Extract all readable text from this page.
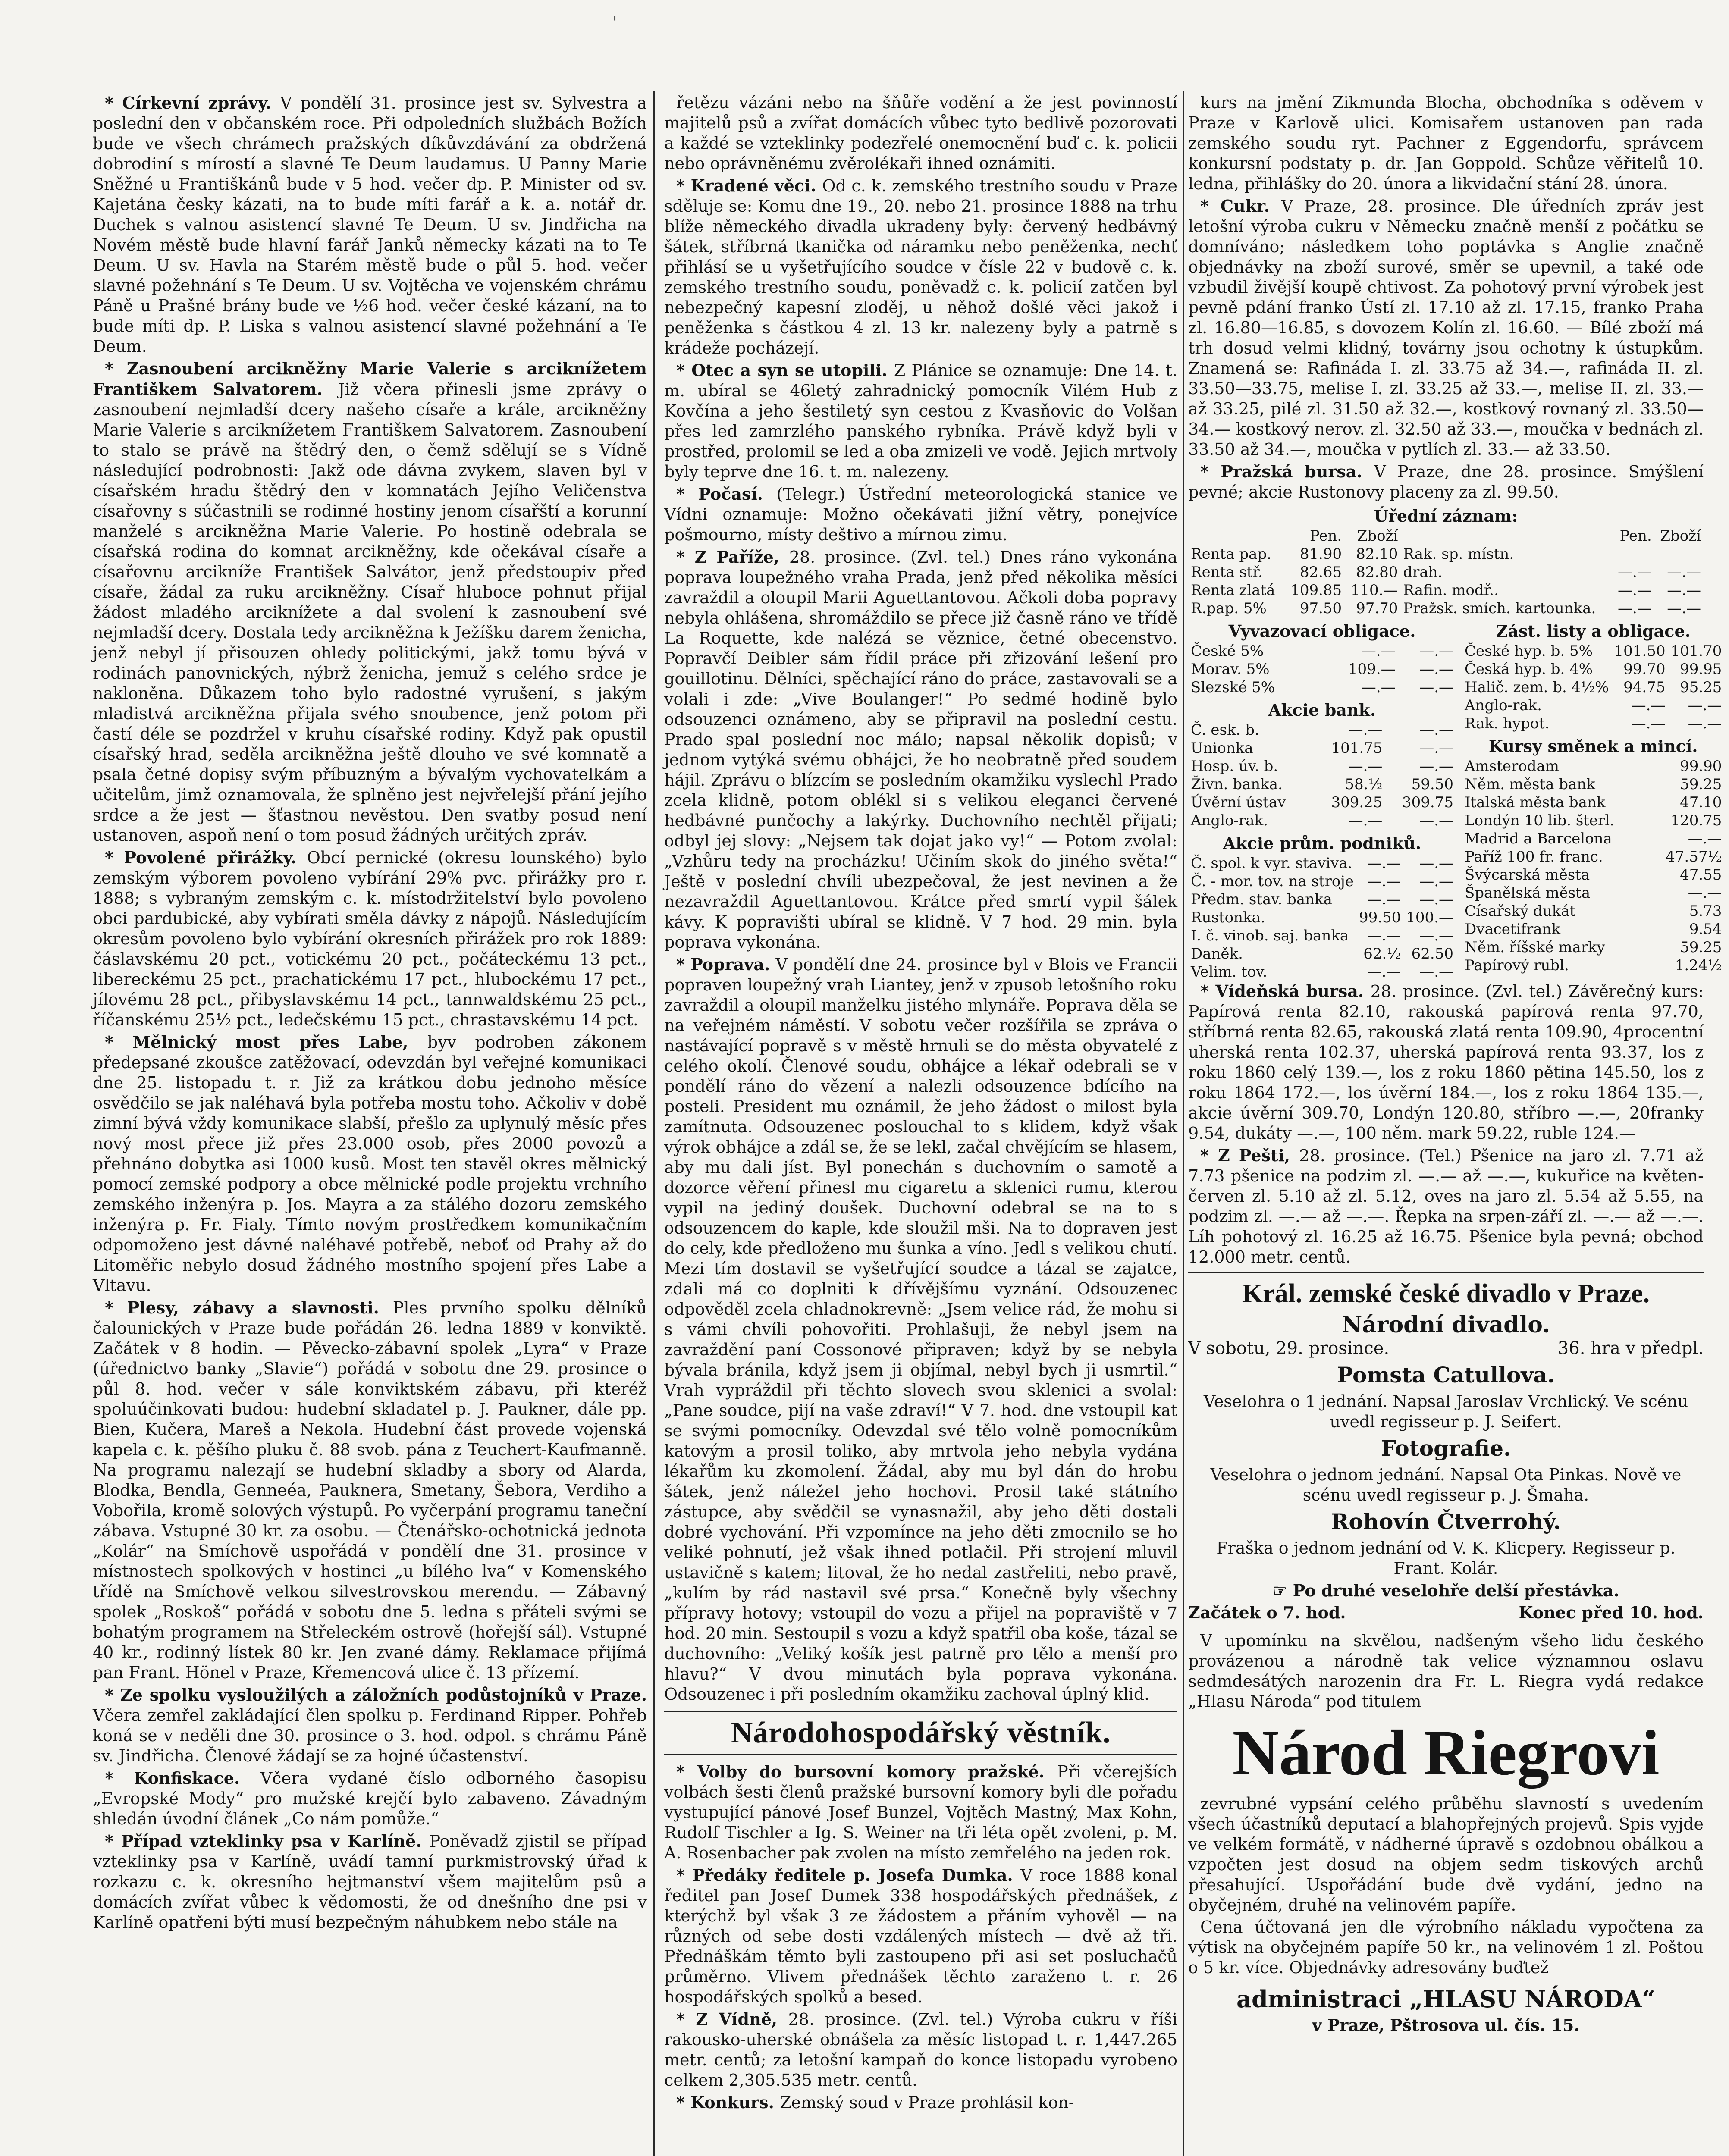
'

* Církevní zprávy. V pondělí 31. prosince jest sv. Sylvestra a poslední den v občanském roce. Při odpoledních službách Božích bude ve všech chrámech pražských díkůvzdávání za obdržená dobrodiní s mírostí a slavné Te Deum laudamus. U Panny Marie Sněžné u Františkánů bude v 5 hod. večer dp. P. Minister od sv. Kajetána česky kázati, na to bude míti farář a k. a. notář dr. Duchek s valnou asistencí slavné Te Deum. U sv. Jindřicha na Novém městě bude hlavní farář Janků německy kázati na to Te Deum. U sv. Havla na Starém městě bude o půl 5. hod. večer slavné požehnání s Te Deum. U sv. Vojtěcha ve vojenském chrámu Páně u Prašné brány bude ve ½6 hod. večer české kázaní, na to bude míti dp. P. Liska s valnou asistencí slavné požehnání a Te Deum.

* Zasnoubení arcikněžny Marie Valerie s arciknížetem Františkem Salvatorem. Již včera přinesli jsme zprávy o zasnoubení nejmladší dcery našeho císaře a krále, arcikněžny Marie Valerie s arciknížetem Františkem Salvatorem. Zasnoubení to stalo se právě na štědrý den, o čemž sdělují se s Vídně následující podrobnosti: Jakž ode dávna zvykem, slaven byl v císařském hradu štědrý den v komnatách Jejího Veličenstva císařovny s súčastnili se rodinné hostiny jenom císařští a korunní manželé s arcikněžna Marie Valerie. Po hostině odebrala se císařská rodina do komnat arcikněžny, kde očekával císaře a císařovnu arcikníže František Salvátor, jenž předstoupiv před císaře, žádal za ruku arcikněžny. Císař hluboce pohnut přijal žádost mladého arciknížete a dal svolení k zasnoubení své nejmladší dcery. Dostala tedy arcikněžna k Ježíšku darem ženicha, jenž nebyl jí přisouzen ohledy politickými, jakž tomu bývá v rodinách panovnických, nýbrž ženicha, jemuž s celého srdce je nakloněna. Důkazem toho bylo radostné vyrušení, s jakým mladistvá arcikněžna přijala svého snoubence, jenž potom při častí déle se pozdržel v kruhu císařské rodiny. Když pak opustil císařský hrad, seděla arcikněžna ještě dlouho ve své komnatě a psala četné dopisy svým příbuzným a bývalým vychovatelkám a učitelům, jimž oznamovala, že splněno jest nejvřelejší přání jejího srdce a že jest — šťastnou nevěstou. Den svatby posud není ustanoven, aspoň není o tom posud žádných určitých zpráv.

* Povolené přirážky. Obcí pernické (okresu lounského) bylo zemským výborem povoleno vybírání 29% pvc. přirážky pro r. 1888; s vybraným zemským c. k. místodržitelství bylo povoleno obci pardubické, aby vybírati směla dávky z nápojů. Následujícím okresům povoleno bylo vybírání okresních přirážek pro rok 1889: čáslavskému 20 pct., votickému 20 pct., počáteckému 13 pct., libereckému 25 pct., prachatickému 17 pct., hlubockému 17 pct., jílovému 28 pct., přibyslavskému 14 pct., tannwaldskému 25 pct., říčanskému 25½ pct., ledečskému 15 pct., chrastavskému 14 pct.

* Mělnický most přes Labe, byv podroben zákonem předepsané zkoušce zatěžovací, odevzdán byl veřejné komunikaci dne 25. listopadu t. r. Již za krátkou dobu jednoho měsíce osvědčilo se jak naléhavá byla potřeba mostu toho. Ačkoliv v době zimní bývá vždy komunikace slabší, přešlo za uplynulý měsíc přes nový most přece již přes 23.000 osob, přes 2000 povozů a přehnáno dobytka asi 1000 kusů. Most ten stavěl okres mělnický pomocí zemské podpory a obce mělnické podle projektu vrchního zemského inženýra p. Jos. Mayra a za stálého dozoru zemského inženýra p. Fr. Fialy. Tímto novým prostředkem komunikačním odpomoženo jest dávné naléhavé potřebě, neboť od Prahy až do Litoměřic nebylo dosud žádného mostního spojení přes Labe a Vltavu.

* Plesy, zábavy a slavnosti. Ples prvního spolku dělníků čalounických v Praze bude pořádán 26. ledna 1889 v konviktě. Začátek v 8 hodin. — Pěvecko-zábavní spolek „Lyra“ v Praze (úřednictvo banky „Slavie“) pořádá v sobotu dne 29. prosince o půl 8. hod. večer v sále konviktském zábavu, při kteréž spoluúčinkovati budou: hudební skladatel p. J. Paukner, dále pp. Bien, Kučera, Mareš a Nekola. Hudební část provede vojenská kapela c. k. pěšího pluku č. 88 svob. pána z Teuchert-Kaufmanně. Na programu nalezají se hudební skladby a sbory od Alarda, Blodka, Bendla, Genneéa, Pauknera, Smetany, Šebora, Verdiho a Vobořila, kromě solových výstupů. Po vyčerpání programu taneční zábava. Vstupné 30 kr. za osobu. — Čtenářsko-ochotnická jednota „Kolár“ na Smíchově uspořádá v pondělí dne 31. prosince v místnostech spolkových v hostinci „u bílého lva“ v Komenského třídě na Smíchově velkou silvestrovskou merendu. — Zábavný spolek „Roskoš“ pořádá v sobotu dne 5. ledna s přáteli svými se bohatým programem na Střeleckém ostrově (hořejší sál). Vstupné 40 kr., rodinný lístek 80 kr. Jen zvané dámy. Reklamace přijímá pan Frant. Hönel v Praze, Křemencová ulice č. 13 přízemí.

* Ze spolku vysloužilých a záložních podůstojníků v Praze. Včera zemřel zakládající člen spolku p. Ferdinand Ripper. Pohřeb koná se v neděli dne 30. prosince o 3. hod. odpol. s chrámu Páně sv. Jindřicha. Členové žádají se za hojné účastenství.

* Konfiskace. Včera vydané číslo odborného časopisu „Evropské Mody“ pro mužské krejčí bylo zabaveno. Závadným shledán úvodní článek „Co nám pomůže.“

* Případ vzteklinky psa v Karlíně. Poněvadž zjistil se případ vzteklinky psa v Karlíně, uvádí tamní purkmistrovský úřad k rozkazu c. k. okresního hejtmanství všem majitelům psů a domácích zvířat vůbec k vědomosti, že od dnešního dne psi v Karlíně opatřeni býti musí bezpečným náhubkem nebo stále na

řetězu vázáni nebo na šňůře vodění a že jest povinností majitelů psů a zvířat domácích vůbec tyto bedlivě pozorovati a každé se vzteklinky podezřelé onemocnění buď c. k. policii nebo oprávněnému zvěrolékaři ihned oznámiti.

* Kradené věci. Od c. k. zemského trestního soudu v Praze sděluje se: Komu dne 19., 20. nebo 21. prosince 1888 na trhu blíže německého divadla ukradeny byly: červený hedbávný šátek, stříbrná tkanička od náramku nebo peněženka, nechť přihlásí se u vyšetřujícího soudce v čísle 22 v budově c. k. zemského trestního soudu, poněvadž c. k. policií zatčen byl nebezpečný kapesní zloděj, u něhož došlé věci jakož i peněženka s částkou 4 zl. 13 kr. nalezeny byly a patrně s krádeže pocházejí.

* Otec a syn se utopili. Z Plánice se oznamuje: Dne 14. t. m. ubíral se 46letý zahradnický pomocník Vilém Hub z Kovčína a jeho šestiletý syn cestou z Kvasňovic do Volšan přes led zamrzlého panského rybníka. Právě když byli v prostřed, prolomil se led a oba zmizeli ve vodě. Jejich mrtvoly byly teprve dne 16. t. m. nalezeny.

* Počasí. (Telegr.) Ústřední meteorologická stanice ve Vídni oznamuje: Možno očekávati jižní větry, ponejvíce pošmourno, místy deštivo a mírnou zimu.

* Z Paříže, 28. prosince. (Zvl. tel.) Dnes ráno vykonána poprava loupežného vraha Prada, jenž před několika měsíci zavraždil a oloupil Marii Aguettantovou. Ačkoli doba popravy nebyla ohlášena, shromáždilo se přece již časně ráno ve třídě La Roquette, kde nalézá se věznice, četné obecenstvo. Popravčí Deibler sám řídil práce při zřizování lešení pro gouillotinu. Dělníci, spěchající ráno do práce, zastavovali se a volali i zde: „Vive Boulanger!“ Po sedmé hodině bylo odsouzenci oznámeno, aby se připravil na poslední cestu. Prado spal poslední noc málo; napsal několik dopisů; v jednom vytýká svému obhájci, že ho neobratně před soudem hájil. Zprávu o blízcím se posledním okamžiku vyslechl Prado zcela klidně, potom oblékl si s velikou eleganci červené hedbávné punčochy a lakýrky. Duchovního nechtěl přijati; odbyl jej slovy: „Nejsem tak dojat jako vy!“ — Potom zvolal: „Vzhůru tedy na procházku! Učiním skok do jiného světa!“ Ještě v poslední chvíli ubezpečoval, že jest nevinen a že nezavraždil Aguettantovou. Krátce před smrtí vypil šálek kávy. K popravišti ubíral se klidně. V 7 hod. 29 min. byla poprava vykonána.

* Poprava. V pondělí dne 24. prosince byl v Blois ve Francii popraven loupežný vrah Liantey, jenž v zpusob letošního roku zavraždil a oloupil manželku jistého mlynáře. Poprava děla se na veřejném náměstí. V sobotu večer rozšířila se zpráva o nastávající popravě s v městě hrnuli se do města obyvatelé z celého okolí. Členové soudu, obhájce a lékař odebrali se v pondělí ráno do vězení a nalezli odsouzence bdícího na posteli. President mu oznámil, že jeho žádost o milost byla zamítnuta. Odsouzenec poslouchal to s klidem, když však výrok obhájce a zdál se, že se lekl, začal chvějícím se hlasem, aby mu dali jíst. Byl ponechán s duchovním o samotě a dozorce věření přinesl mu cigaretu a sklenici rumu, kterou vypil na jediný doušek. Duchovní odebral se na to s odsouzencem do kaple, kde sloužil mši. Na to dopraven jest do cely, kde předloženo mu šunka a víno. Jedl s velikou chutí. Mezi tím dostavil se vyšetřující soudce a tázal se zajatce, zdali má co doplniti k dřívějšímu vyznání. Odsouzenec odpověděl zcela chladnokrevně: „Jsem velice rád, že mohu si s vámi chvíli pohovořiti. Prohlašuji, že nebyl jsem na zavraždění paní Cossonové připraven; když by se nebyla bývala bránila, když jsem ji objímal, nebyl bych ji usmrtil.“ Vrah vypráždil při těchto slovech svou sklenici a svolal: „Pane soudce, pijí na vaše zdraví!“ V 7. hod. dne vstoupil kat se svými pomocníky. Odevzdal své tělo volně pomocníkům katovým a prosil toliko, aby mrtvola jeho nebyla vydána lékařům ku zkomolení. Žádal, aby mu byl dán do hrobu šátek, jenž náležel jeho hochovi. Prosil také státního zástupce, aby svědčil se vynasnažil, aby jeho děti dostali dobré vychování. Při vzpomínce na jeho děti zmocnilo se ho veliké pohnutí, jež však ihned potlačil. Při strojení mluvil ustavičně s katem; litoval, že ho nedal zastřeliti, nebo pravě, „kulím by rád nastavil své prsa.“ Konečně byly všechny přípravy hotovy; vstoupil do vozu a přijel na popraviště v 7 hod. 20 min. Sestoupil s vozu a když spatřil oba koše, tázal se duchovního: „Veliký košík jest patrně pro tělo a menší pro hlavu?“ V dvou minutách byla poprava vykonána. Odsouzenec i při posledním okamžiku zachoval úplný klid.

Národohospodářský věstník.

* Volby do bursovní komory pražské. Při včerejších volbách šesti členů pražské bursovní komory byli dle pořadu vystupující pánové Josef Bunzel, Vojtěch Mastný, Max Kohn, Rudolf Tischler a Ig. S. Weiner na tři léta opět zvoleni, p. M. A. Rosenbacher pak zvolen na místo zemřelého na jeden rok.

* Předáky ředitele p. Josefa Dumka. V roce 1888 konal ředitel pan Josef Dumek 338 hospodářských přednášek, z kterýchž byl však 3 ze žádostem a přáním vyhověl — na různých od sebe dosti vzdálených místech — dvě až tři. Přednáškám těmto byli zastoupeno při asi set posluchačů průměrno. Vlivem přednášek těchto zaraženo t. r. 26 hospodářských spolků a besed.

* Z Vídně, 28. prosince. (Zvl. tel.) Výroba cukru v říši rakousko-uherské obnášela za měsíc listopad t. r. 1,447.265 metr. centů; za letošní kampaň do konce listopadu vyrobeno celkem 2,305.535 metr. centů.

* Konkurs. Zemský soud v Praze prohlásil kon-

kurs na jmění Zikmunda Blocha, obchodníka s oděvem v Praze v Karlově ulici. Komisařem ustanoven pan rada zemského soudu ryt. Pachner z Eggendorfu, správcem konkursní podstaty p. dr. Jan Goppold. Schůze věřitelů 10. ledna, přihlášky do 20. února a likvidační stání 28. února.

* Cukr. V Praze, 28. prosince. Dle úředních zpráv jest letošní výroba cukru v Německu značně menší z počátku se domníváno; následkem toho poptávka s Anglie značně objednávky na zboží surové, směr se upevnil, a také ode vzbudil živější koupě chtivost. Za pohotový první výrobek jest pevně pdání franko Ústí zl. 17.10 až zl. 17.15, franko Praha zl. 16.80—16.85, s dovozem Kolín zl. 16.60. — Bílé zboží má trh dosud velmi klidný, továrny jsou ochotny k ústupkům. Znamená se: Rafináda I. zl. 33.75 až 34.—, rafináda II. zl. 33.50—33.75, melise I. zl. 33.25 až 33.—, melise II. zl. 33.— až 33.25, pilé zl. 31.50 až 32.—, kostkový rovnaný zl. 33.50—34.— kostkový nerov. zl. 32.50 až 33.—, moučka v bednách zl. 33.50 až 34.—, moučka v pytlích zl. 33.— až 33.50.

* Pražská bursa. V Praze, dne 28. prosince. Smýšlení pevné; akcie Rustonovy placeny za zl. 99.50.

Úřední záznam:
	Pen.	Zboží		Pen.	Zboží
Renta pap.	81.90	82.10	Rak. sp. místn.		
Renta stř.	82.65	82.80	drah.	—.—	—.—
Renta zlatá	109.85	110.—	Rafin. modř..	—.—	—.—
R.pap. 5%	97.50	97.70	Pražsk. smích. kartounka.	—.—	—.—
Vyvazovací obligace.
České 5%	—.—	—.—
Morav. 5%	109.—	—.—
Slezské 5%	—.—	—.—
Akcie bank.
Č. esk. b.	—.—	—.—
Unionka	101.75	—.—
Hosp. úv. b.	—.—	—.—
Živn. banka.	58.½	59.50
Úvěrní ústav	309.25	309.75
Anglo-rak.	—.—	—.—
Akcie prům. podniků.
Č. spol. k vyr. staviva.	—.—	—.—
Č. - mor. tov. na stroje	—.—	—.—
Předm. stav. banka	—.—	—.—
Rustonka.	99.50	100.—
I. č. vinob. saj. banka	—.—	—.—
Daněk.	62.½	62.50
Velim. tov.	—.—	—.—
Zást. listy a obligace.
České hyp. b. 5%	101.50	101.70
Česká hyp. b. 4%	99.70	99.95
Halič. zem. b. 4½%	94.75	95.25
Anglo-rak.	—.—	—.—
Rak. hypot.	—.—	—.—
Kursy směnek a mincí.
Amsterodam		99.90
Něm. města bank		59.25
Italská města bank		47.10
Londýn 10 lib. šterl.		120.75
Madrid a Barcelona		—.—
Paříž 100 fr. franc.		47.57½
Švýcarská města		47.55
Španělská města		—.—
Císařský dukát		5.73
Dvacetifrank		9.54
Něm. říšské marky		59.25
Papírový rubl.		1.24½

* Vídeňská bursa. 28. prosince. (Zvl. tel.) Závěrečný kurs: Papírová renta 82.10, rakouská papírová renta 97.70, stříbrná renta 82.65, rakouská zlatá renta 109.90, 4procentní uherská renta 102.37, uherská papírová renta 93.37, los z roku 1860 celý 139.—, los z roku 1860 pětina 145.50, los z roku 1864 172.—, los úvěrní 184.—, los z roku 1864 135.—, akcie úvěrní 309.70, Londýn 120.80, stříbro —.—, 20franky 9.54, dukáty —.—, 100 něm. mark 59.22, ruble 124.—

* Z Pešti, 28. prosince. (Tel.) Pšenice na jaro zl. 7.71 až 7.73 pšenice na podzim zl. —.— až —.—, kukuřice na květen-červen zl. 5.10 až zl. 5.12, oves na jaro zl. 5.54 až 5.55, na podzim zl. —.— až —.—. Řepka na srpen-září zl. —.— až —.—. Líh pohotový zl. 16.25 až 16.75. Pšenice byla pevná; obchod 12.000 metr. centů.

Král. zemské české divadlo v Praze.
Národní divadlo.
V sobotu, 29. prosince.	36. hra v předpl.
Pomsta Catullova.
Veselohra o 1 jednání. Napsal Jaroslav Vrchlický. Ve scénu uvedl regisseur p. J. Seifert.
Fotografie.
Veselohra o jednom jednání. Napsal Ota Pinkas. Nově ve scénu uvedl regisseur p. J. Šmaha.
Rohovín Čtverrohý.
Fraška o jednom jednání od V. K. Klicpery. Regisseur p. Frant. Kolár.
☞ Po druhé veselohře delší přestávka.
Začátek o 7. hod.	Konec před 10. hod.
V upomínku na skvělou, nadšeným všeho lidu českého provázenou a národně tak velice významnou oslavu sedmdesátých narozenin dra Fr. L. Riegra vydá redakce „Hlasu Národa“ pod titulem
Národ Riegrovi
zevrubné vypsání celého průběhu slavností s uvedením všech účastníků deputací a blahopřejných projevů. Spis vyjde ve velkém formátě, v nádherné úpravě s ozdobnou obálkou a vzpočten jest dosud na objem sedm tiskových archů přesahující. Uspořádání bude dvě vydání, jedno na obyčejném, druhé na velinovém papíře.
Cena účtovaná jen dle výrobního nákladu vypočtena za výtisk na obyčejném papíře 50 kr., na velinovém 1 zl. Poštou o 5 kr. více. Objednávky adresovány buďtež
administraci „HLASU NÁRODA“
v Praze, Pštrosova ul. čís. 15.
